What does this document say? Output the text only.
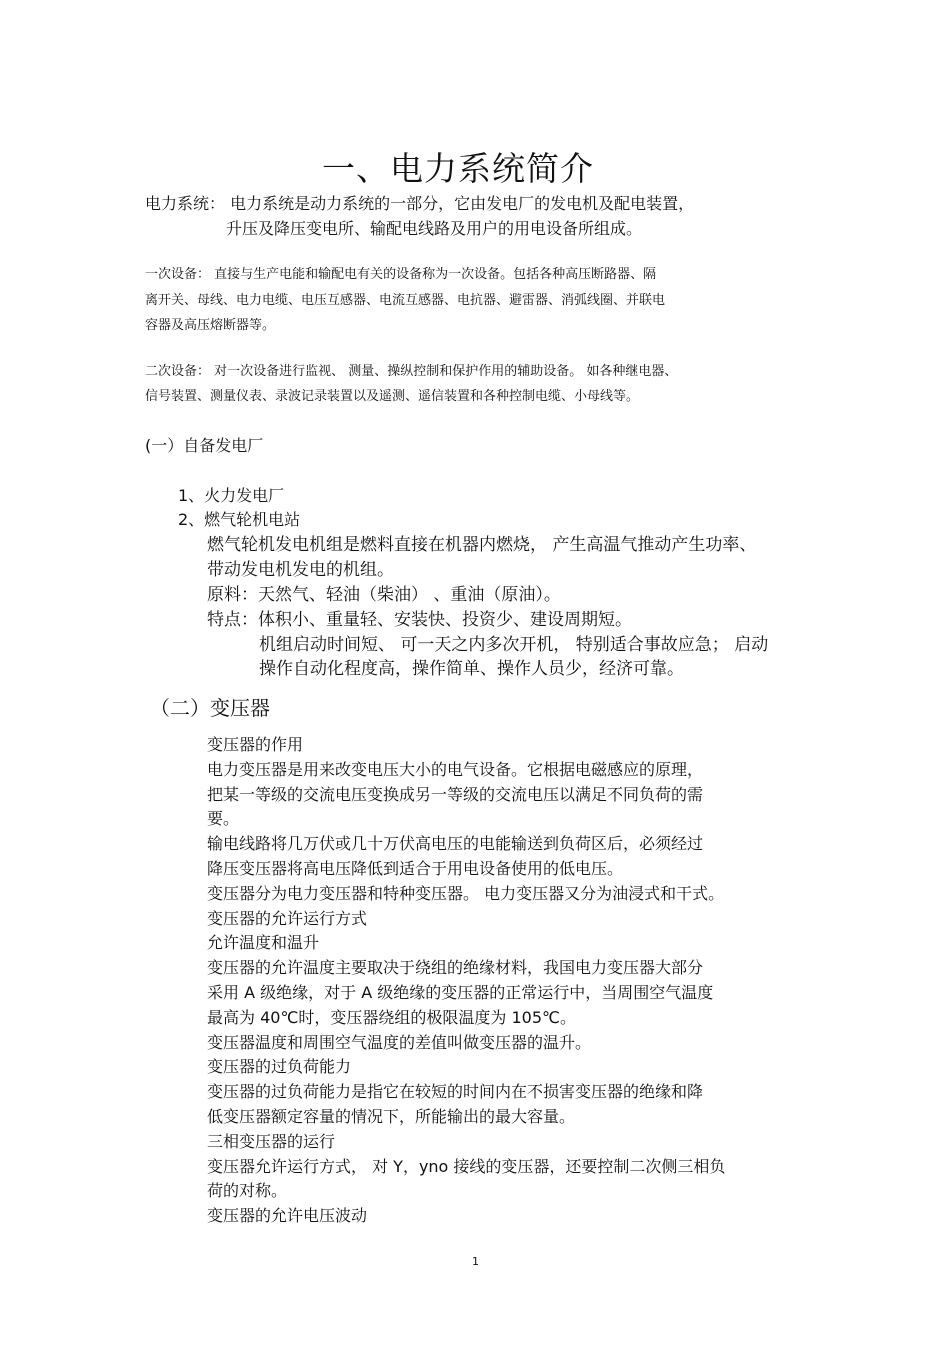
一、电力系统简介
电力系统： 电力系统是动力系统的一部分，它由发电厂的发电机及配电装置，
升压及降压变电所、输配电线路及用户的用电设备所组成。
一次设备： 直接与生产电能和输配电有关的设备称为一次设备。包括各种高压断路器、隔
离开关、母线、电力电缆、电压互感器、电流互感器、电抗器、避雷器、消弧线圈、并联电
容器及高压熔断器等。
二次设备： 对一次设备进行监视、 测量、操纵控制和保护作用的辅助设备。 如各种继电器、
信号装置、测量仪表、录波记录装置以及遥测、遥信装置和各种控制电缆、小母线等。
(一）自备发电厂
1、火力发电厂
2、燃气轮机电站
燃气轮机发电机组是燃料直接在机器内燃烧， 产生高温气推动产生功率、
带动发电机发电的机组。
原料：天然气、轻油（柴油） 、重油（原油）。
特点：体积小、重量轻、安装快、投资少、建设周期短。
机组启动时间短、 可一天之内多次开机， 特别适合事故应急； 启动
操作自动化程度高，操作简单、操作人员少，经济可靠。
（二）变压器
变压器的作用
电力变压器是用来改变电压大小的电气设备。它根据电磁感应的原理，
把某一等级的交流电压变换成另一等级的交流电压以满足不同负荷的需
要。
输电线路将几万伏或几十万伏高电压的电能输送到负荷区后，必须经过
降压变压器将高电压降低到适合于用电设备使用的低电压。
变压器分为电力变压器和特种变压器。 电力变压器又分为油浸式和干式。
变压器的允许运行方式
允许温度和温升
变压器的允许温度主要取决于绕组的绝缘材料，我国电力变压器大部分
采用 A 级绝缘，对于 A 级绝缘的变压器的正常运行中，当周围空气温度
最高为 40℃时，变压器绕组的极限温度为 105℃。
变压器温度和周围空气温度的差值叫做变压器的温升。
变压器的过负荷能力
变压器的过负荷能力是指它在较短的时间内在不损害变压器的绝缘和降
低变压器额定容量的情况下，所能输出的最大容量。
三相变压器的运行
变压器允许运行方式， 对 Y，yno 接线的变压器，还要控制二次侧三相负
荷的对称。
变压器的允许电压波动
1
